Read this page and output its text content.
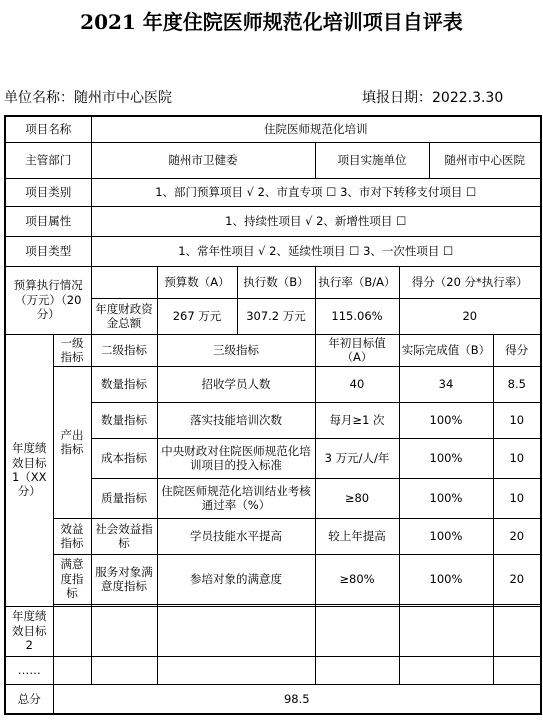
2021 年度住院医师规范化培训项目自评表
单位名称：随州市中心医院	填报日期：2022.3.30
项目名称		住院医师规范化培训						
主管部门		随州市卫健委			项目实施单位		随州市中心医院	
项目类别		1、部门预算项目 √ 2、市直专项 ☐ 3、市对下转移支付项目 ☐						
项目属性		1、持续性项目 √ 2、新增性项目 ☐						
项目类型		1、常年性项目 √ 2、延续性项目 ☐ 3、一次性项目 ☐						
预算执行情况（万元）（20 分）			预算数（A）	执行数（B）	执行率（B/A）	得分（20 分*执行率）		
		年度财政资金总额	267 万元	307.2 万元	115.06%	20		
年度绩效目标 1（XX 分）	一级指标	二级指标	三级指标		年初目标值（A）	实际完成值（B）		得分
	产出指标	数量指标	招收学员人数		40	34		8.5
		数量指标	落实技能培训次数		每月≥1 次	100%		10
		成本指标	中央财政对住院医师规范化培训项目的投入标准		3 万元/人/年	100%		10
		质量指标	住院医师规范化培训结业考核通过率（%）		≥80	100%		10
	效益指标	社会效益指标	学员技能水平提高		较上年提高	100%		20
	满意度指标	服务对象满意度指标	参培对象的满意度		≥80%	100%		20

年度绩效目标 2								
……								
总分	98.5							
